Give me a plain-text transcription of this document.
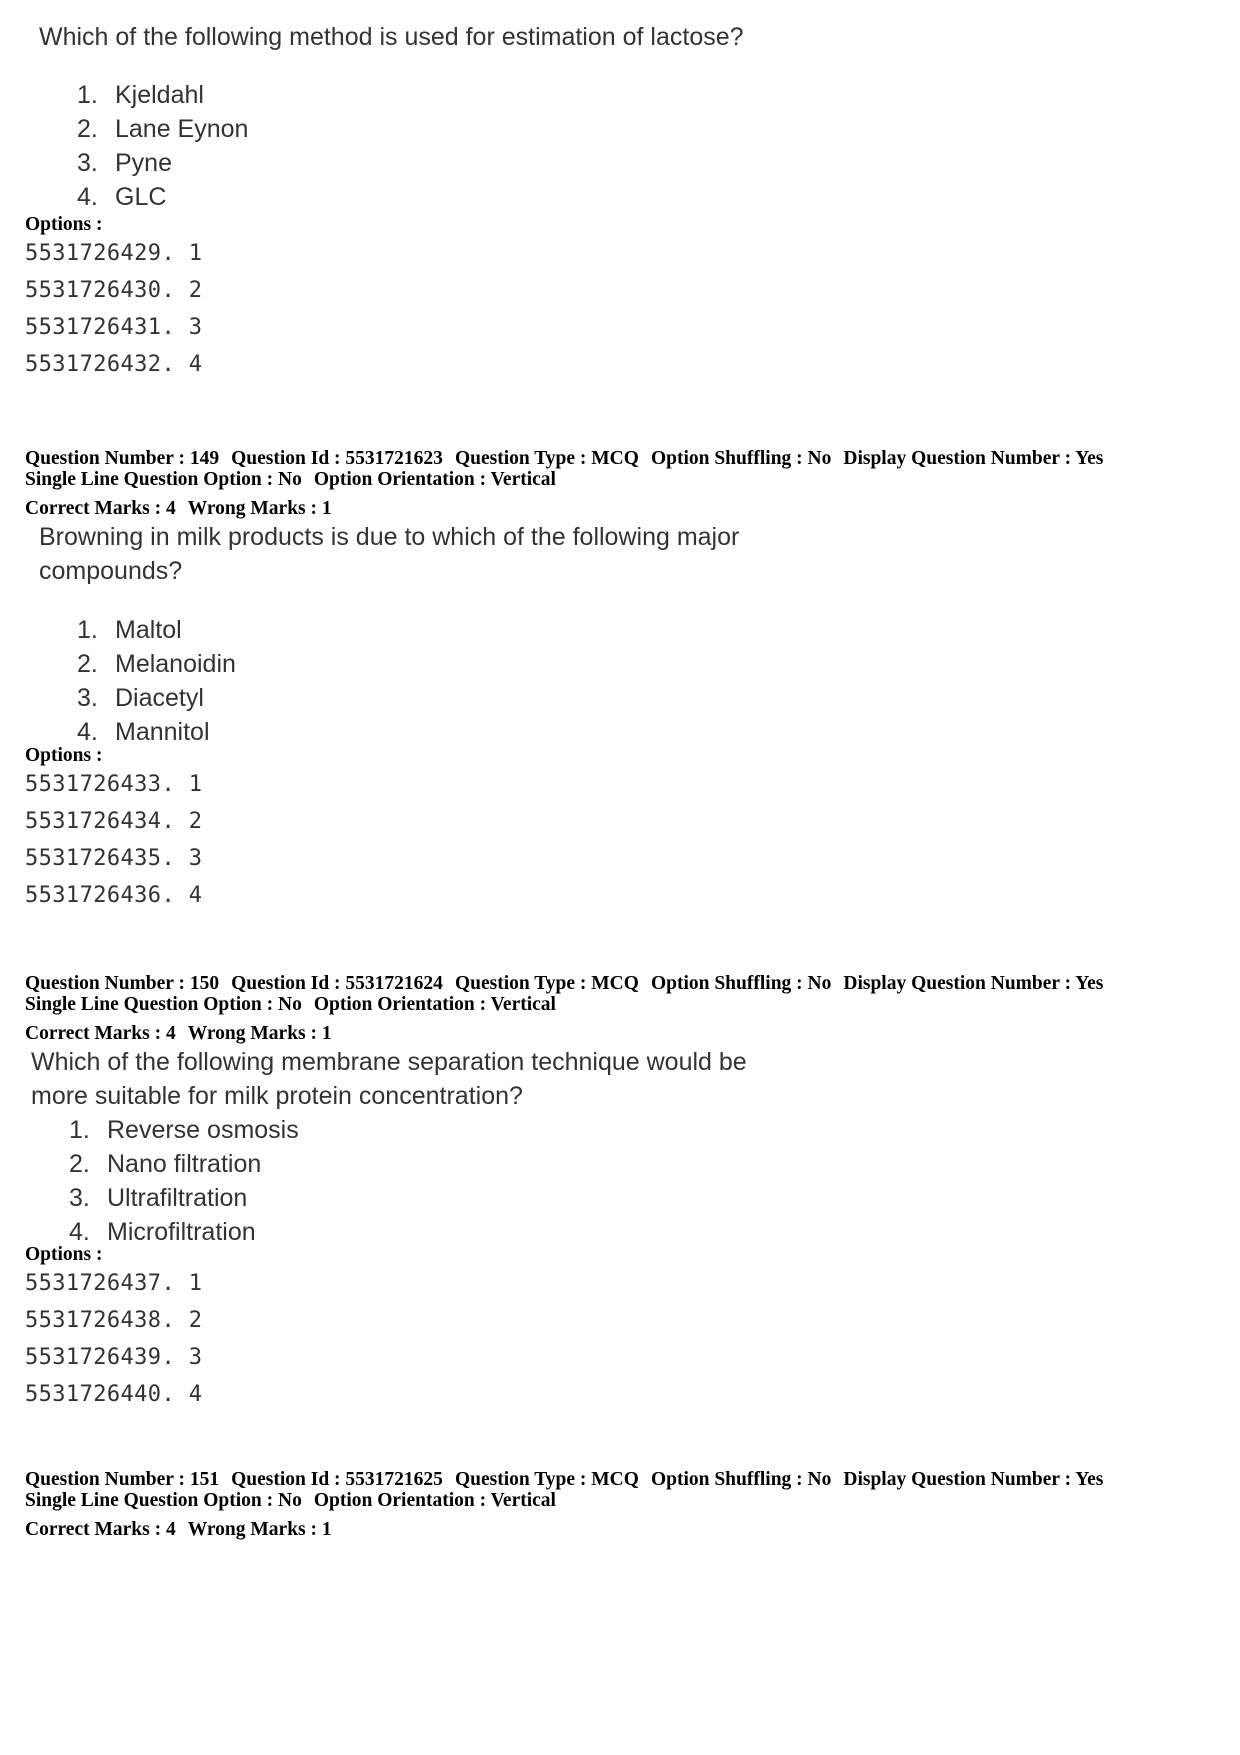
Which of the following method is used for estimation of lactose?

1. Kjeldahl
2. Lane Eynon
3. Pyne
4. GLC

Options :

5531726429. 1
5531726430. 2
5531726431. 3
5531726432. 4

Question Number : 149 Question Id : 5531721623 Question Type : MCQ Option Shuffling : No Display Question Number : Yes

Single Line Question Option : No Option Orientation : Vertical

Correct Marks : 4 Wrong Marks : 1

Browning in milk products is due to which of the following major
compounds?

1. Maltol
2. Melanoidin
3. Diacetyl
4. Mannitol

Options :

5531726433. 1
5531726434. 2
5531726435. 3
5531726436. 4

Question Number : 150 Question Id : 5531721624 Question Type : MCQ Option Shuffling : No Display Question Number : Yes

Single Line Question Option : No Option Orientation : Vertical

Correct Marks : 4 Wrong Marks : 1

Which of the following membrane separation technique would be
more suitable for milk protein concentration?

1. Reverse osmosis
2. Nano filtration
3. Ultrafiltration
4. Microfiltration

Options :

5531726437. 1
5531726438. 2
5531726439. 3
5531726440. 4

Question Number : 151 Question Id : 5531721625 Question Type : MCQ Option Shuffling : No Display Question Number : Yes

Single Line Question Option : No Option Orientation : Vertical

Correct Marks : 4 Wrong Marks : 1
